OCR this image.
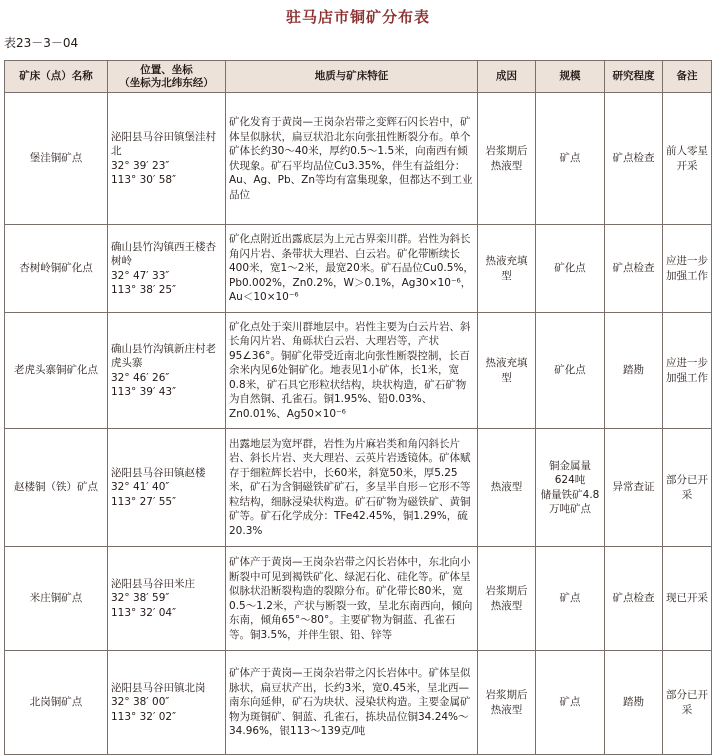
驻马店市铜矿分布表
表23－3－04
矿床（点）名称	位置、坐标
（坐标为北纬东经）	地质与矿床特征	成因	规模	研究程度	备注
堡洼铜矿点	泌阳县马谷田镇堡洼村北
32° 39′ 23″
113° 30′ 58″	矿化发育于黄岗—王岗杂岩带之变辉石闪长岩中，矿体呈似脉状，扁豆状沿北东向张扭性断裂分布。单个矿体长约30～40米，厚约0.5～1.5米，向南西有倾伏现象。矿石平均品位Cu3.35%，伴生有益组分：Au、Ag、Pb、Zn等均有富集现象，但都达不到工业品位	岩浆期后热液型	矿点	矿点检查	前人零星开采
杏树岭铜矿化点	确山县竹沟镇西王楼杏树岭
32° 47′ 33″
113° 38′ 25″	矿化点附近出露底层为上元古界栾川群。岩性为斜长角闪片岩、条带状大理岩、白云岩。矿化带断续长400米，宽1～2米，最宽20米。矿石品位Cu0.5%，Pb0.002%，Zn0.2%，W＞0.1%，Ag30×10⁻⁶，Au＜10×10⁻⁶	热液充填型	矿化点	矿点检查	应进一步加强工作
老虎头寨铜矿化点	确山县竹沟镇新庄村老虎头寨
32° 46′ 26″
113° 39′ 43″	矿化点处于栾川群地层中。岩性主要为白云片岩、斜长角闪片岩、角砾状白云岩、大理岩等，产状95∠36°。铜矿化带受近南北向张性断裂控制，长百余米内见6处铜矿化。地表见1小矿体，长1米，宽0.8米，矿石具它形粒状结构，块状构造，矿石矿物为自然铜、孔雀石。铜1.95%、铅0.03%、Zn0.01%、Ag50×10⁻⁶	热液充填型	矿化点	踏勘	应进一步加强工作
赵楼铜（铁）矿点	泌阳县马谷田镇赵楼
32° 41′ 40″
113° 27′ 55″	出露地层为宽坪群，岩性为片麻岩类和角闪斜长片岩、斜长片岩、夹大理岩、云英片岩透镜体。矿体赋存于细粒辉长岩中，长60米，斜宽50米，厚5.25米，矿石为含铜磁铁矿矿石，多呈半自形－它形不等粒结构，细脉浸染状构造。矿石矿物为磁铁矿、黄铜矿等。矿石化学成分：TFe42.45%，铜1.29%，硫20.3%	热液型	铜金属量
624吨
储量铁矿4.8
万吨矿点	异常查证	部分已开采
米庄铜矿点	泌阳县马谷田米庄
32° 38′ 59″
113° 32′ 04″	矿体产于黄岗—王岗杂岩带之闪长岩体中，东北向小断裂中可见到褐铁矿化、绿泥石化、硅化等。矿体呈似脉状沿断裂构造的裂隙分布。矿化带长80米，宽0.5～1.2米，产状与断裂一致，呈北东南西向，倾向东南，倾角65°～80°。主要矿物为铜蓝、孔雀石等。铜3.5%，并伴生银、铅、锌等	岩浆期后热液型	矿点	矿点检查	现已开采
北岗铜矿点	泌阳县马谷田镇北岗
32° 38′ 00″
113° 32′ 02″	矿体产于黄岗—王岗杂岩带之闪长岩体中。矿体呈似脉状，扁豆状产出，长约3米，宽0.45米，呈北西—南东向延伸，矿石为块状、浸染状构造。主要金属矿物为斑铜矿、铜蓝、孔雀石，拣块品位铜34.24%～34.96%，银113～139克/吨	岩浆期后热液型	矿点	踏勘	部分已开采
